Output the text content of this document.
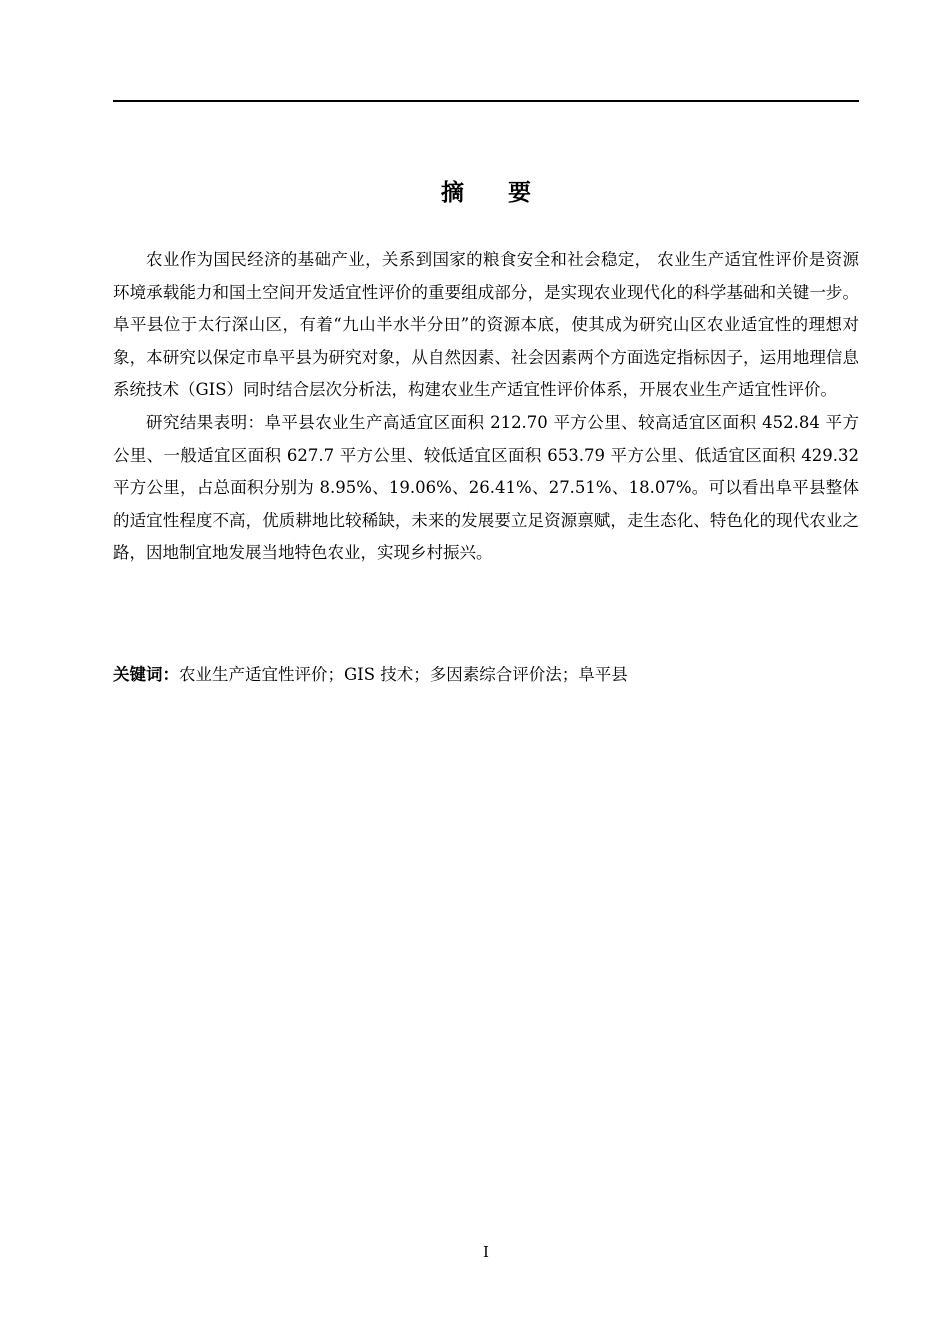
摘 要

农业作为国民经济的基础产业，关系到国家的粮食安全和社会稳定， 农业生产适宜性评价是资源环境承载能力和国土空间开发适宜性评价的重要组成部分，是实现农业现代化的科学基础和关键一步。阜平县位于太行深山区，有着“九山半水半分田”的资源本底，使其成为研究山区农业适宜性的理想对象，本研究以保定市阜平县为研究对象，从自然因素、社会因素两个方面选定指标因子，运用地理信息系统技术（GIS）同时结合层次分析法，构建农业生产适宜性评价体系，开展农业生产适宜性评价。

研究结果表明：阜平县农业生产高适宜区面积 212.70 平方公里、较高适宜区面积 452.84 平方公里、一般适宜区面积 627.7 平方公里、较低适宜区面积 653.79 平方公里、低适宜区面积 429.32 平方公里，占总面积分别为 8.95%、19.06%、26.41%、27.51%、18.07%。可以看出阜平县整体的适宜性程度不高，优质耕地比较稀缺，未来的发展要立足资源禀赋，走生态化、特色化的现代农业之路，因地制宜地发展当地特色农业，实现乡村振兴。

关键词：农业生产适宜性评价；GIS 技术；多因素综合评价法；阜平县
I
